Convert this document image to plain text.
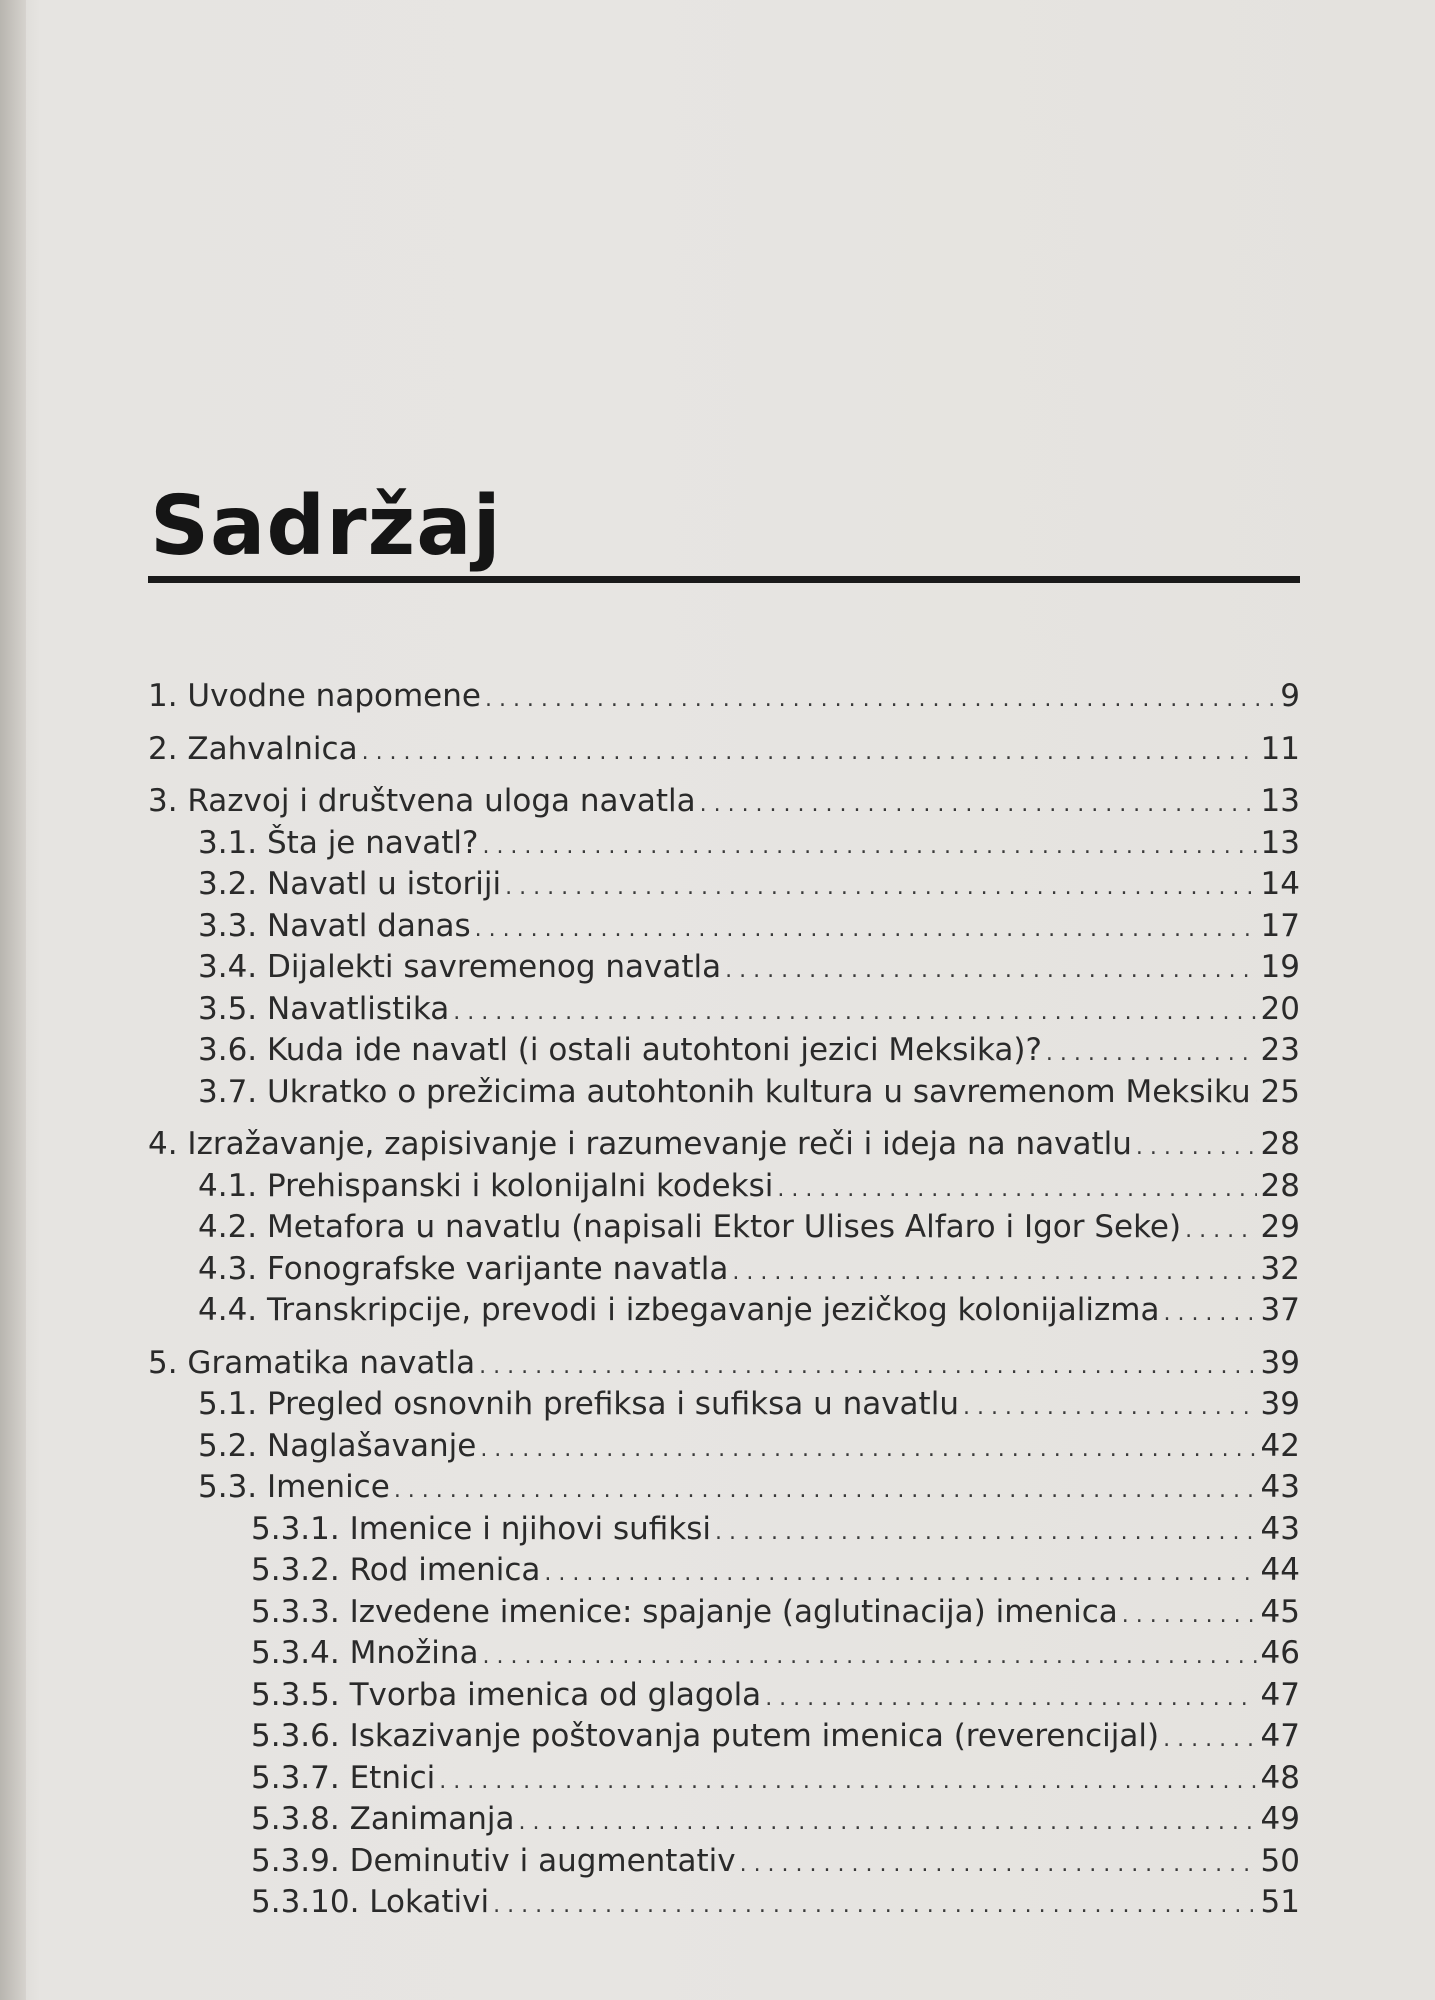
Sadržaj
1. Uvodne napomene . . .	9
2. Zahvalnica . . .	11
3. Razvoj i društvena uloga navatla . . .	13
3.1. Šta je navatl? . . .	13
3.2. Navatl u istoriji . . .	14
3.3. Navatl danas . . .	17
3.4. Dijalekti savremenog navatla . . .	19
3.5. Navatlistika . . .	20
3.6. Kuda ide navatl (i ostali autohtoni jezici Meksika)? . . .	23
3.7. Ukratko o prežicima autohtonih kultura u savremenom Meksiku . . . 25
4. Izražavanje, zapisivanje i razumevanje reči i ideja na navatlu . . .	28
4.1. Prehispanski i kolonijalni kodeksi . . .	28
4.2. Metafora u navatlu (napisali Ektor Ulises Alfaro i Igor Seke) . . .	29
4.3. Fonografske varijante navatla . . .	32
4.4. Transkripcije, prevodi i izbegavanje jezičkog kolonijalizma . . .	37
5. Gramatika navatla . . .	39
5.1. Pregled osnovnih prefiksa i sufiksa u navatlu . . .	39
5.2. Naglašavanje . . .	42
5.3. Imenice . . .	43
5.3.1. Imenice i njihovi sufiksi . . .	43
5.3.2. Rod imenica . . .	44
5.3.3. Izvedene imenice: spajanje (aglutinacija) imenica . . .	45
5.3.4. Množina . . .	46
5.3.5. Tvorba imenica od glagola . . .	47
5.3.6. Iskazivanje poštovanja putem imenica (reverencijal) . . .	47
5.3.7. Etnici . . .	48
5.3.8. Zanimanja . . .	49
5.3.9. Deminutiv i augmentativ . . .	50
5.3.10. Lokativi . . .	51
